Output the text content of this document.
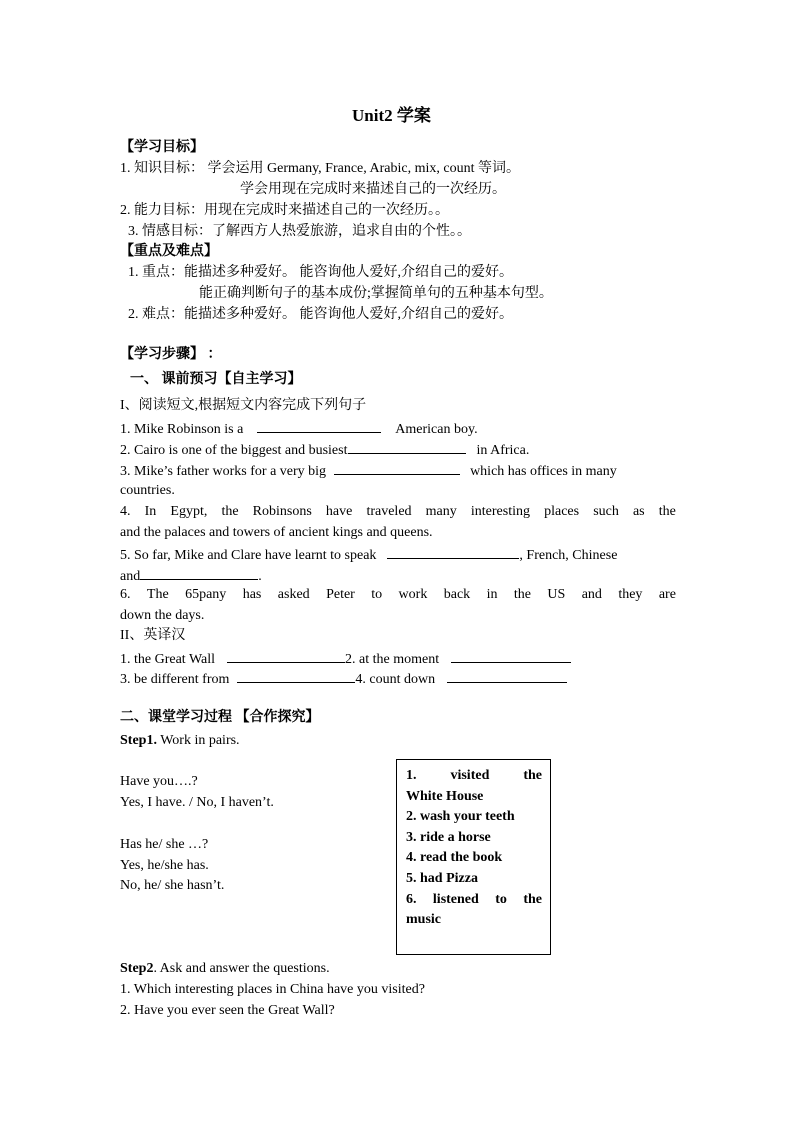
Unit2 学案
【学习目标】
1. 知识目标： 学会运用 Germany, France, Arabic, mix, count 等词。
学会用现在完成时来描述自己的一次经历。
2. 能力目标：用现在完成时来描述自己的一次经历。。
3. 情感目标：了解西方人热爱旅游，追求自由的个性。。
【重点及难点】
1. 重点：能描述多种爱好。 能咨询他人爱好,介绍自己的爱好。
能正确判断句子的基本成份;掌握简单句的五种基本句型。
2. 难点：能描述多种爱好。 能咨询他人爱好,介绍自己的爱好。
【学习步骤】 ：
一、 课前预习【自主学习】
I、阅读短文,根据短文内容完成下列句子
1. Mike Robinson is a	American boy.
2. Cairo is one of the biggest and busiest	in Africa.
3. Mike’s father works for a very big	which has offices in many
countries.
4. In Egypt, the Robinsons have traveled many interesting places such as the
and the palaces and towers of ancient kings and queens.
5. So far, Mike and Clare have learnt to speak	, French, Chinese
and	.
6. The 65pany has asked Peter to work back in the US and they are
down the days.
II、英译汉
1. the Great Wall	2. at the moment
3. be different from	4. count down
二、课堂学习过程 【合作探究】
Step1. Work in pairs.
Have you….?
Yes, I have. / No, I haven’t.
Has he/ she …?
Yes, he/she has.
No, he/ she hasn’t.
1. visited the
White House
2. wash your teeth
3. ride a horse
4. read the book
5. had Pizza
6. listened to the
music
Step2. Ask and answer the questions.
1. Which interesting places in China have you visited?
2. Have you ever seen the Great Wall?
